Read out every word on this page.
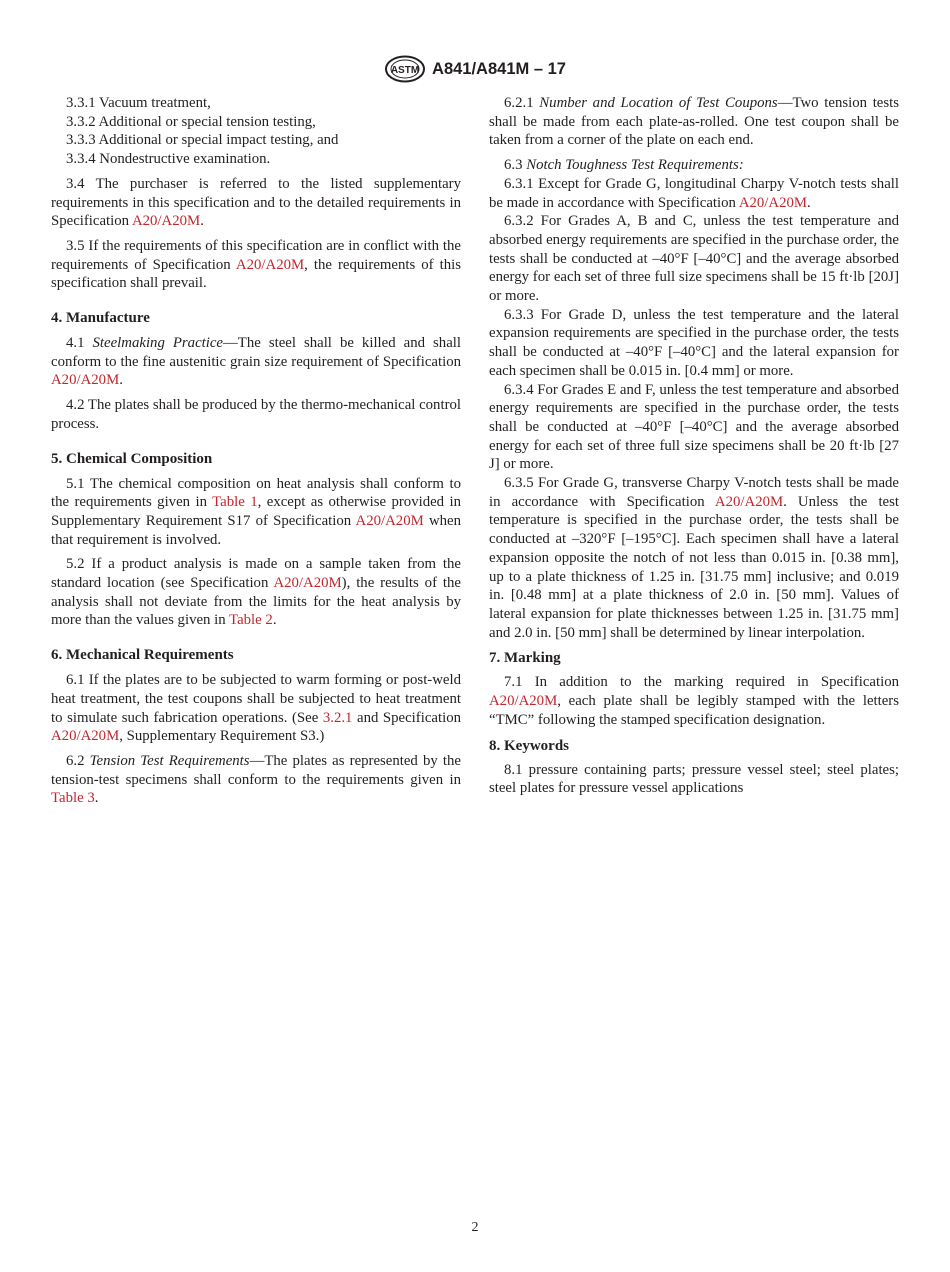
ASTM A841/A841M – 17

3.3.1 Vacuum treatment,

3.3.2 Additional or special tension testing,

3.3.3 Additional or special impact testing, and

3.3.4 Nondestructive examination.

3.4 The purchaser is referred to the listed supplementary requirements in this specification and to the detailed requirements in Specification A20/A20M.

3.5 If the requirements of this specification are in conflict with the requirements of Specification A20/A20M, the requirements of this specification shall prevail.

4. Manufacture

4.1 Steelmaking Practice—The steel shall be killed and shall conform to the fine austenitic grain size requirement of Specification A20/A20M.

4.2 The plates shall be produced by the thermo-mechanical control process.

5. Chemical Composition

5.1 The chemical composition on heat analysis shall conform to the requirements given in Table 1, except as otherwise provided in Supplementary Requirement S17 of Specification A20/A20M when that requirement is involved.

5.2 If a product analysis is made on a sample taken from the standard location (see Specification A20/A20M), the results of the analysis shall not deviate from the limits for the heat analysis by more than the values given in Table 2.

6. Mechanical Requirements

6.1 If the plates are to be subjected to warm forming or post-weld heat treatment, the test coupons shall be subjected to heat treatment to simulate such fabrication operations. (See 3.2.1 and Specification A20/A20M, Supplementary Requirement S3.)

6.2 Tension Test Requirements—The plates as represented by the tension-test specimens shall conform to the requirements given in Table 3.

6.2.1 Number and Location of Test Coupons—Two tension tests shall be made from each plate-as-rolled. One test coupon shall be taken from a corner of the plate on each end.

6.3 Notch Toughness Test Requirements:

6.3.1 Except for Grade G, longitudinal Charpy V-notch tests shall be made in accordance with Specification A20/A20M.

6.3.2 For Grades A, B and C, unless the test temperature and absorbed energy requirements are specified in the purchase order, the tests shall be conducted at –40°F [–40°C] and the average absorbed energy for each set of three full size specimens shall be 15 ft·lb [20J] or more.

6.3.3 For Grade D, unless the test temperature and the lateral expansion requirements are specified in the purchase order, the tests shall be conducted at –40°F [–40°C] and the lateral expansion for each specimen shall be 0.015 in. [0.4 mm] or more.

6.3.4 For Grades E and F, unless the test temperature and absorbed energy requirements are specified in the purchase order, the tests shall be conducted at –40°F [–40°C] and the average absorbed energy for each set of three full size specimens shall be 20 ft·lb [27 J] or more.

6.3.5 For Grade G, transverse Charpy V-notch tests shall be made in accordance with Specification A20/A20M. Unless the test temperature is specified in the purchase order, the tests shall be conducted at –320°F [–195°C]. Each specimen shall have a lateral expansion opposite the notch of not less than 0.015 in. [0.38 mm], up to a plate thickness of 1.25 in. [31.75 mm] inclusive; and 0.019 in. [0.48 mm] at a plate thickness of 2.0 in. [50 mm]. Values of lateral expansion for plate thicknesses between 1.25 in. [31.75 mm] and 2.0 in. [50 mm] shall be determined by linear interpolation.

7. Marking

7.1 In addition to the marking required in Specification A20/A20M, each plate shall be legibly stamped with the letters “TMC” following the stamped specification designation.

8. Keywords

8.1 pressure containing parts; pressure vessel steel; steel plates; steel plates for pressure vessel applications

2
